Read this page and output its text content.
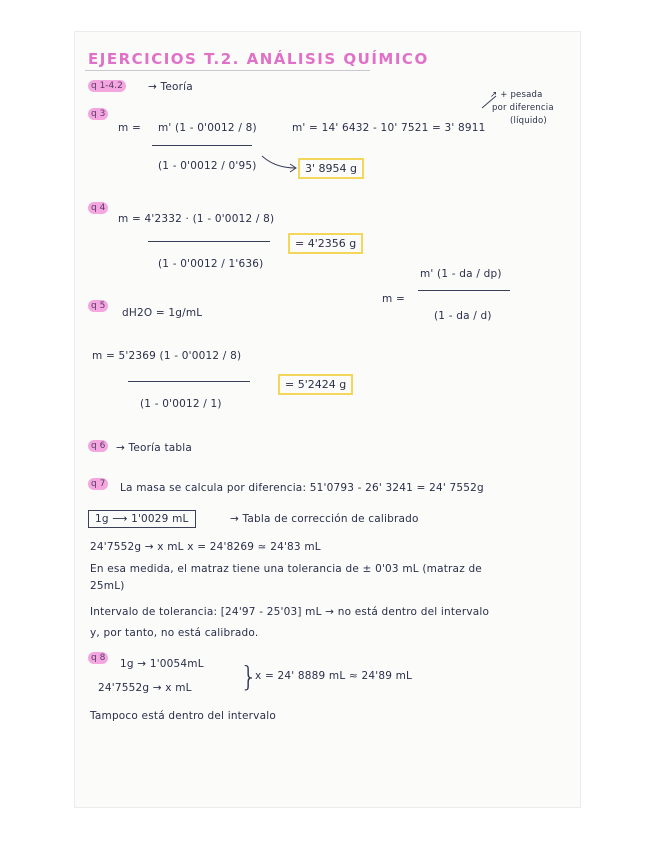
EJERCICIOS T.2. ANÁLISIS QUÍMICO
q 1-4.2 → Teoría
↗ + pesada
por diferencia
(líquido)
q 3
m = m' (1 - 0'0012 / 8)
(1 - 0'0012 / 0'95)
m' = 14' 6432 - 10' 7521 = 3' 8911
3' 8954 g
q 4
m = 4'2332 · (1 - 0'0012 / 8)
(1 - 0'0012 / 1'636)
= 4'2356 g
m =
m' (1 - da / dp)
(1 - da / d)
q 5
dH2O = 1g/mL
m = 5'2369 (1 - 0'0012 / 8)
(1 - 0'0012 / 1)
= 5'2424 g
q 6 → Teoría tabla
q 7 La masa se calcula por diferencia: 51'0793 - 26' 3241 = 24' 7552g
1g ⟶ 1'0029 mL	→ Tabla de corrección de calibrado
24'7552g → x mL x = 24'8269 ≃ 24'83 mL
En esa medida, el matraz tiene una tolerancia de ± 0'03 mL (matraz de
25mL)
Intervalo de tolerancia: [24'97 - 25'03] mL → no está dentro del intervalo
y, por tanto, no está calibrado.
q 8 1g → 1'0054mL
24'7552g → x mL }
x = 24' 8889 mL ≈ 24'89 mL
Tampoco está dentro del intervalo
